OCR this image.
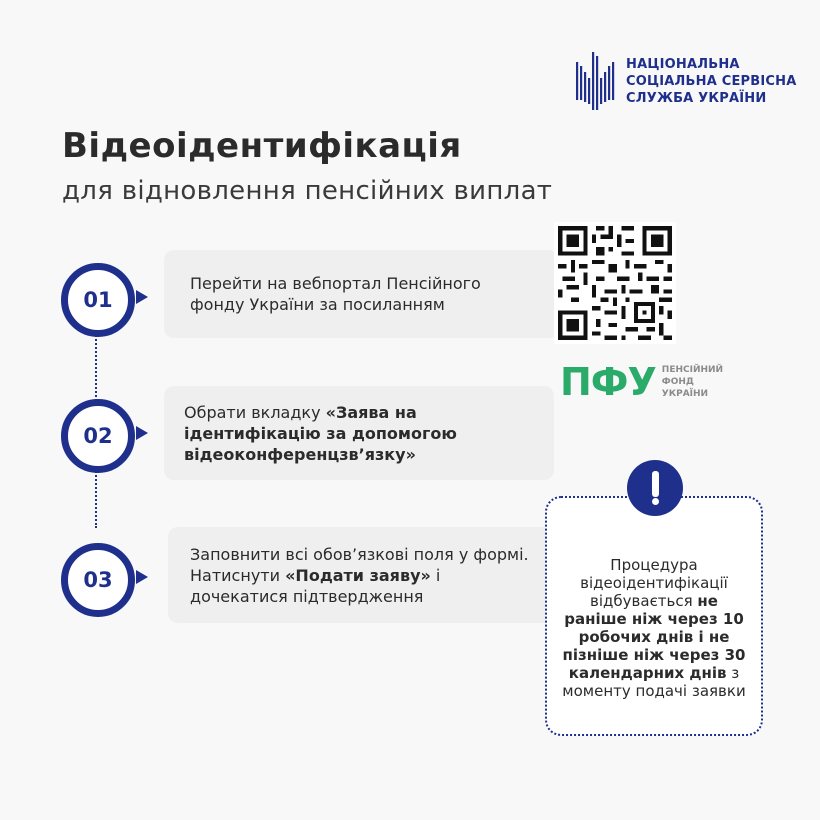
НАЦІОНАЛЬНА
СОЦІАЛЬНА СЕРВІСНА
СЛУЖБА УКРАЇНИ
Відеоідентифікація
для відновлення пенсійних виплат
01
Перейти на вебпортал Пенсійного фонду України за посиланням
02
Обрати вкладку «Заява на ідентифікацію за допомогою відеоконференцзв’язку»
03
Заповнити всі обов’язкові поля у формі. Натиснути «Подати заяву» і дочекатися підтвердження
ПФУ ПЕНСІЙНИЙ
ФОНД
УКРАЇНИ
Процедура відеоідентифікації відбувається не раніше ніж через 10 робочих днів і не пізніше ніж через 30 календарних днів з моменту подачі заявки
